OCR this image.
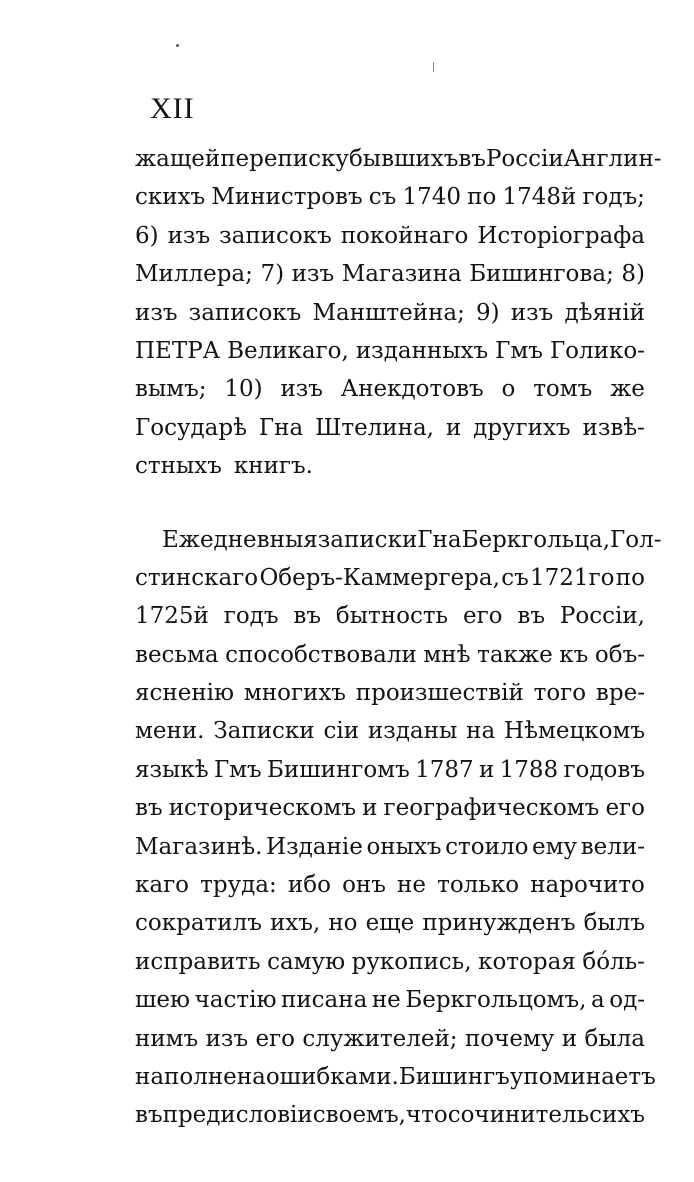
XII
жащей переписку бывшихъ въ Россіи Англин-
скихъ Министровъ съ 1740 по 1748й годъ;
6) изъ записокъ покойнаго Исторіографа
Миллера; 7) изъ Магазина Бишингова; 8)
изъ записокъ Манштейна; 9) изъ дѣяній
ПЕТРА Великаго, изданныхъ Гмъ Голико-
вымъ; 10) изъ Анекдотовъ о томъ же
Государѣ Гна Штелина, и другихъ извѣ-
стныхъ книгъ.
Ежедневныя записки Гна Беркгольца, Гол-
стинскаго Оберъ-Каммергера, съ 1721го по
1725й годъ въ бытность его въ Россіи,
весьма способствовали мнѣ также къ объ-
ясненію многихъ произшествій того вре-
мени. Записки сіи изданы на Нѣмецкомъ
языкѣ Гмъ Бишингомъ 1787 и 1788 годовъ
въ историческомъ и географическомъ его
Магазинѣ. Изданіе оныхъ стоило ему вели-
каго труда: ибо онъ не только нарочито
сократилъ ихъ, но еще принужденъ былъ
исправить самую рукопись, которая бόль-
шею частію писана не Беркгольцомъ, а од-
нимъ изъ его служителей; почему и была
наполнена ошибками. Бишингъ упоминаетъ
въ предисловіи своемъ, что сочинитель сихъ
